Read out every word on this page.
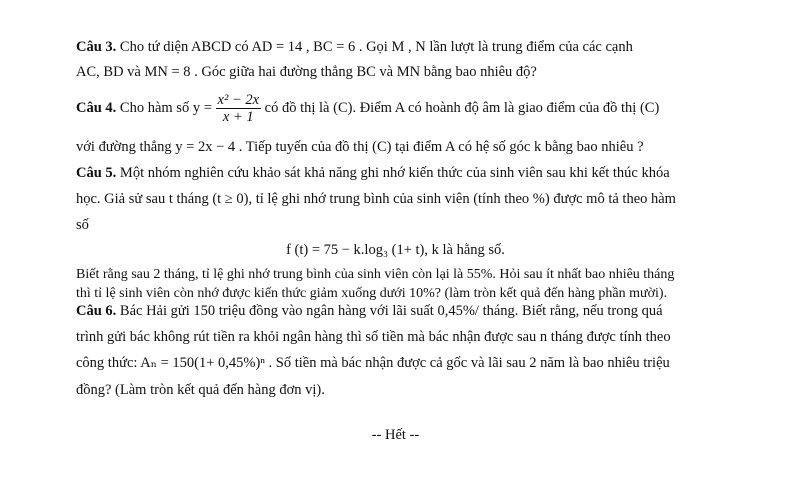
Câu 3. Cho tứ diện ABCD có AD = 14 , BC = 6 . Gọi M , N lần lượt là trung điểm của các cạnh
AC, BD và MN = 8 . Góc giữa hai đường thẳng BC và MN bằng bao nhiêu độ?
Câu 4. Cho hàm số $y = \frac{\text{x² − 2x}}{x + 1}$ có đồ thị là (C). Điểm A có hoành độ âm là giao điểm của đồ thị (C)
với đường thẳng y = 2x − 4 . Tiếp tuyến của đồ thị (C) tại điểm A có hệ số góc k bằng bao nhiêu ?
Câu 5. Một nhóm nghiên cứu khảo sát khả năng ghi nhớ kiến thức của sinh viên sau khi kết thúc khóa
học. Giả sử sau t tháng (t ≥ 0), tỉ lệ ghi nhớ trung bình của sinh viên (tính theo %) được mô tả theo hàm
số
f (t) = 75 − k.log₃ (1+ t), k là hằng số.
Biết rằng sau 2 tháng, tỉ lệ ghi nhớ trung bình của sinh viên còn lại là 55%. Hỏi sau ít nhất bao nhiêu tháng
thì tỉ lệ sinh viên còn nhớ được kiến thức giảm xuống dưới 10%? (làm tròn kết quả đến hàng phần mười).
Câu 6. Bác Hải gửi 150 triệu đồng vào ngân hàng với lãi suất 0,45%/ tháng. Biết rằng, nếu trong quá
trình gửi bác không rút tiền ra khỏi ngân hàng thì số tiền mà bác nhận được sau n tháng được tính theo
công thức: Aₙ = 150(1+ 0,45%)ⁿ . Số tiền mà bác nhận được cả gốc và lãi sau 2 năm là bao nhiêu triệu
đồng? (Làm tròn kết quả đến hàng đơn vị).
-- Hết --
